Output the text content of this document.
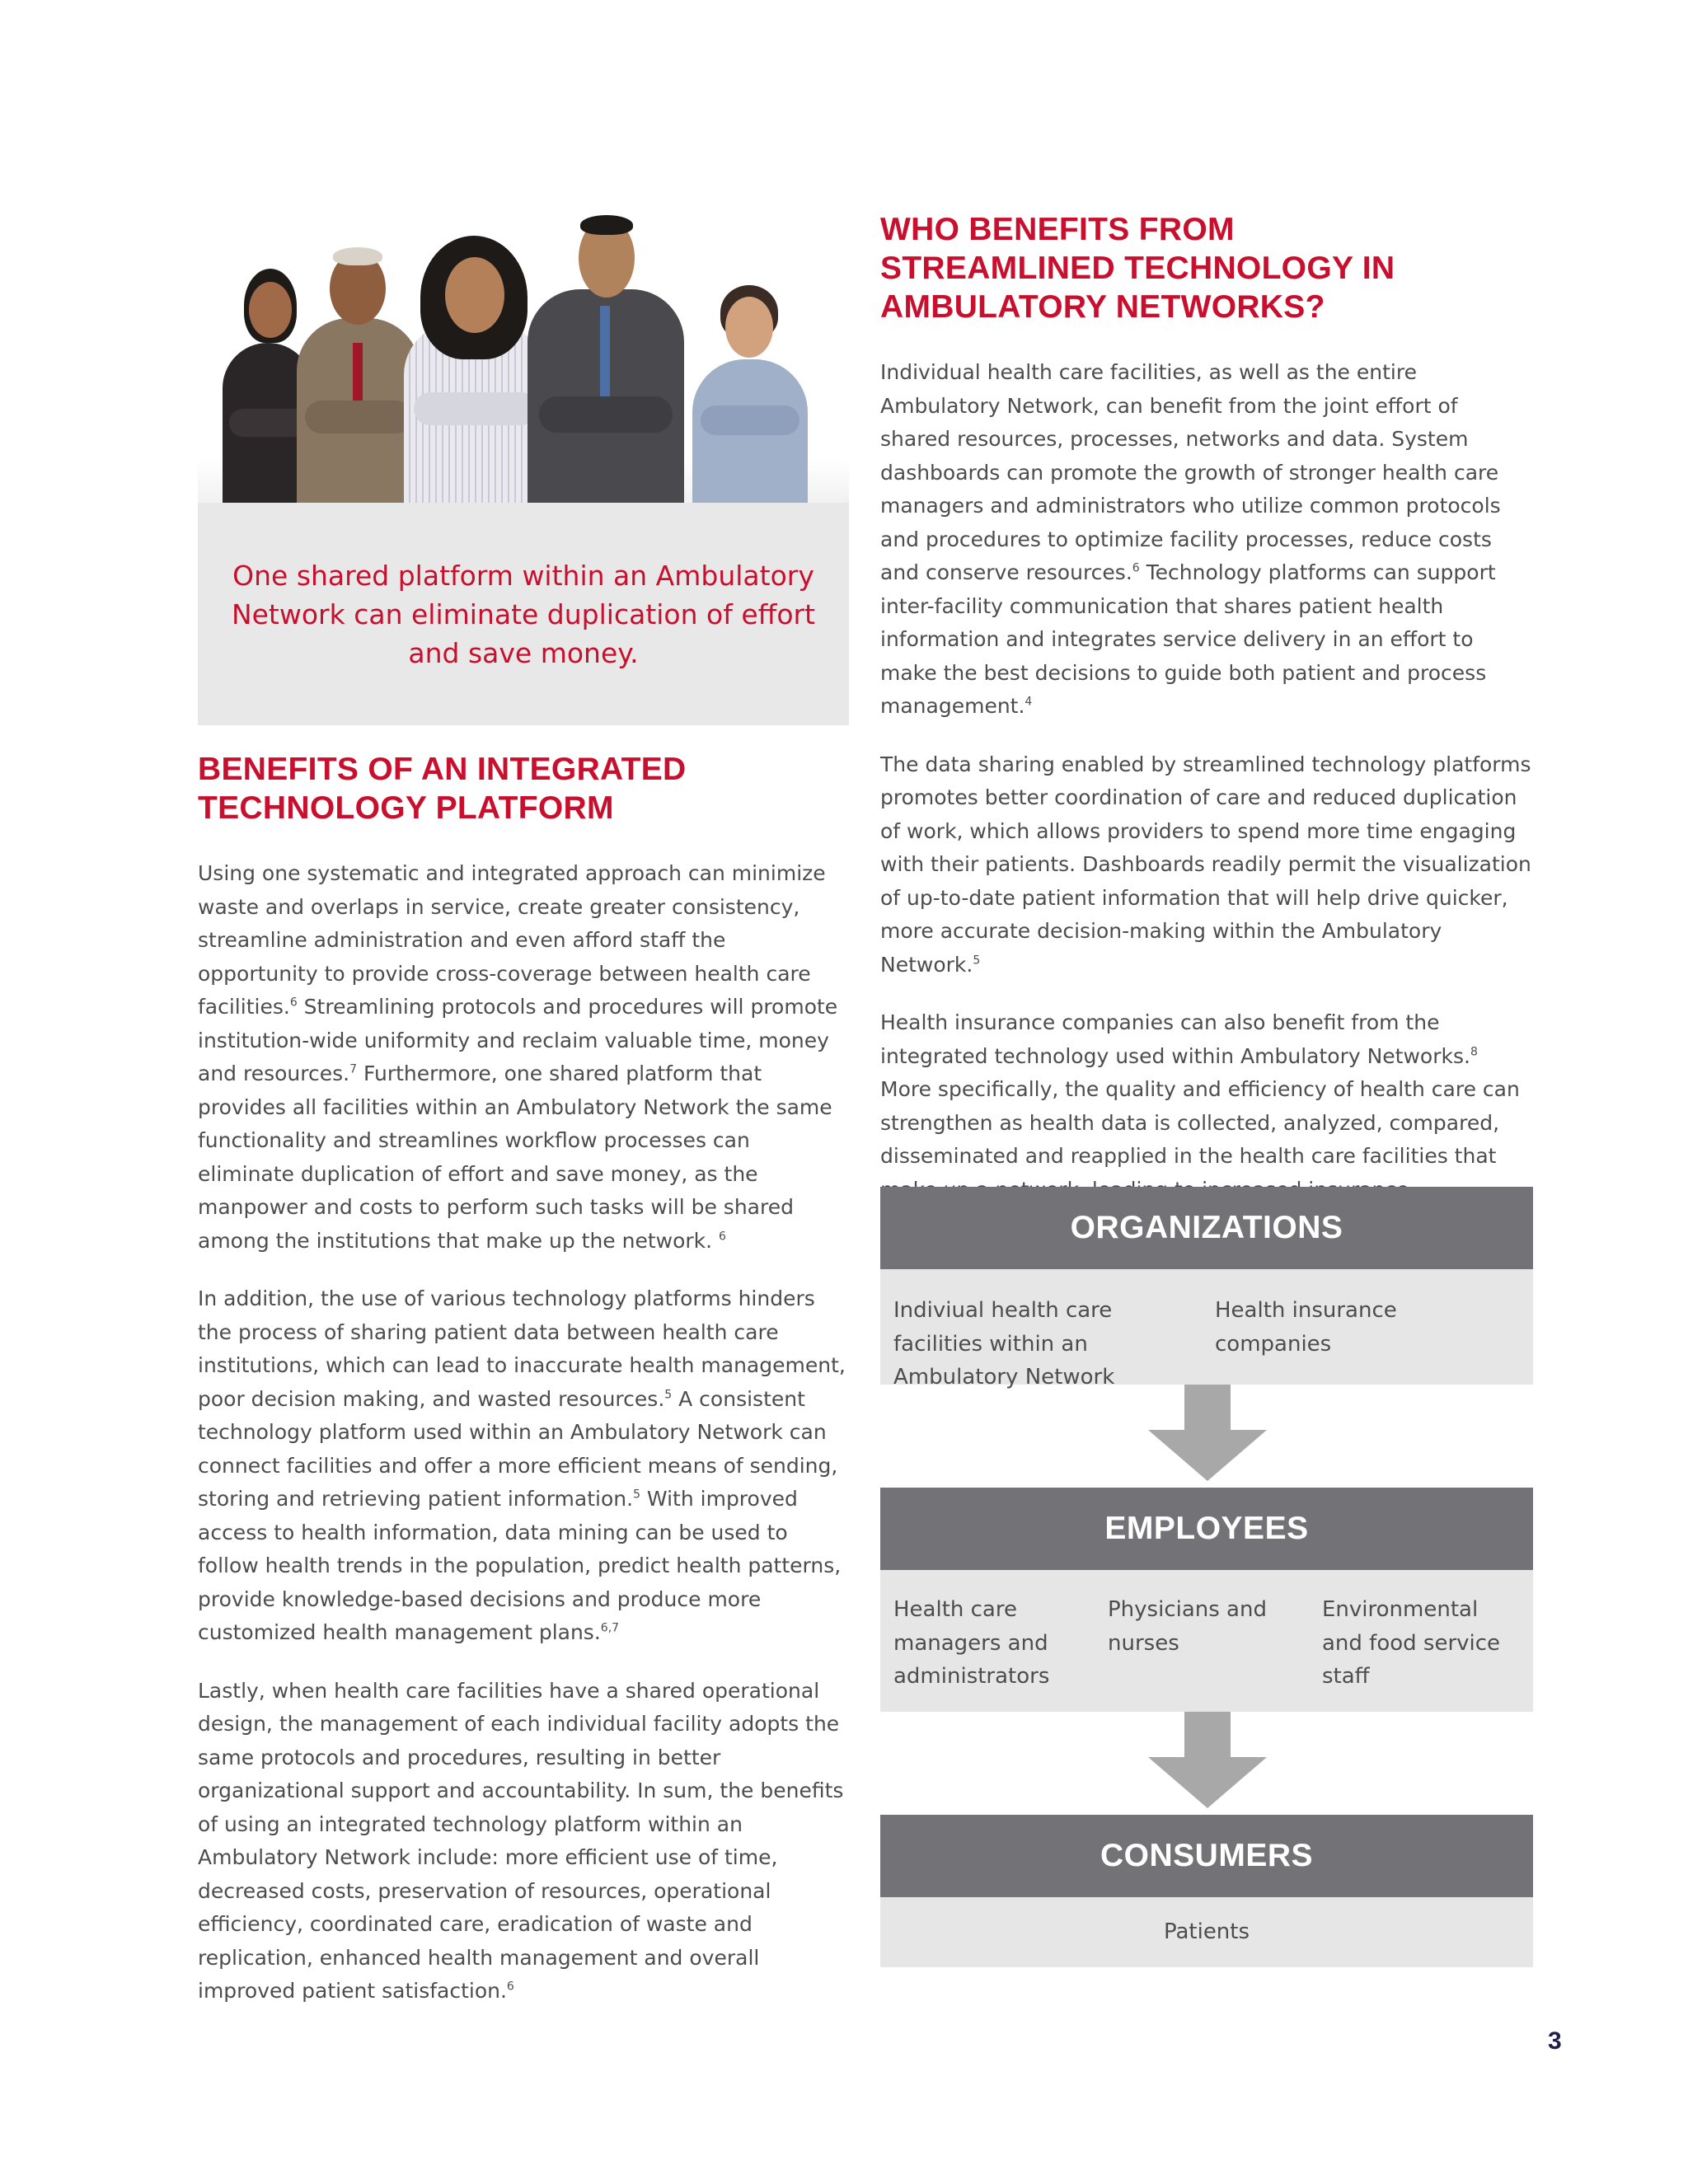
One shared platform within an Ambulatory Network can eliminate duplication of effort and save money.

BENEFITS OF AN INTEGRATED
TECHNOLOGY PLATFORM

Using one systematic and integrated approach can minimize waste and overlaps in service, create greater consistency, streamline administration and even afford staff the opportunity to provide cross-coverage between health care facilities.$^6$ Streamlining protocols and procedures will promote institution-wide uniformity and reclaim valuable time, money and resources.$^7$ Furthermore, one shared platform that provides all facilities within an Ambulatory Network the same functionality and streamlines workflow processes can eliminate duplication of effort and save money, as the manpower and costs to perform such tasks will be shared among the institutions that make up the network. $^6$

In addition, the use of various technology platforms hinders the process of sharing patient data between health care institutions, which can lead to inaccurate health management, poor decision making, and wasted resources.$^5$ A consistent technology platform used within an Ambulatory Network can connect facilities and offer a more efficient means of sending, storing and retrieving patient information.$^5$ With improved access to health information, data mining can be used to follow health trends in the population, predict health patterns, provide knowledge-based decisions and produce more customized health management plans.$^{6,7}$

Lastly, when health care facilities have a shared operational design, the management of each individual facility adopts the same protocols and procedures, resulting in better organizational support and accountability. In sum, the benefits of using an integrated technology platform within an Ambulatory Network include: more efficient use of time, decreased costs, preservation of resources, operational efficiency, coordinated care, eradication of waste and replication, enhanced health management and overall improved patient satisfaction.$^6$

WHO BENEFITS FROM
STREAMLINED TECHNOLOGY IN
AMBULATORY NETWORKS?

Individual health care facilities, as well as the entire Ambulatory Network, can benefit from the joint effort of shared resources, processes, networks and data. System dashboards can promote the growth of stronger health care managers and administrators who utilize common protocols and procedures to optimize facility processes, reduce costs and conserve resources.$^6$ Technology platforms can support inter-facility communication that shares patient health information and integrates service delivery in an effort to make the best decisions to guide both patient and process management.$^4$

The data sharing enabled by streamlined technology platforms promotes better coordination of care and reduced duplication of work, which allows providers to spend more time engaging with their patients. Dashboards readily permit the visualization of up-to-date patient information that will help drive quicker, more accurate decision-making within the Ambulatory Network.$^5$

Health insurance companies can also benefit from the integrated technology used within Ambulatory Networks.$^8$ More specifically, the quality and efficiency of health care can strengthen as health data is collected, analyzed, compared, disseminated and reapplied in the health care facilities that

ORGANIZATIONS
Indiviual health care facilities within an Ambulatory Network
Health insurance companies
EMPLOYEES
Health care managers and administrators
Physicians and nurses
Environmental and food service staff
CONSUMERS
Patients
3
